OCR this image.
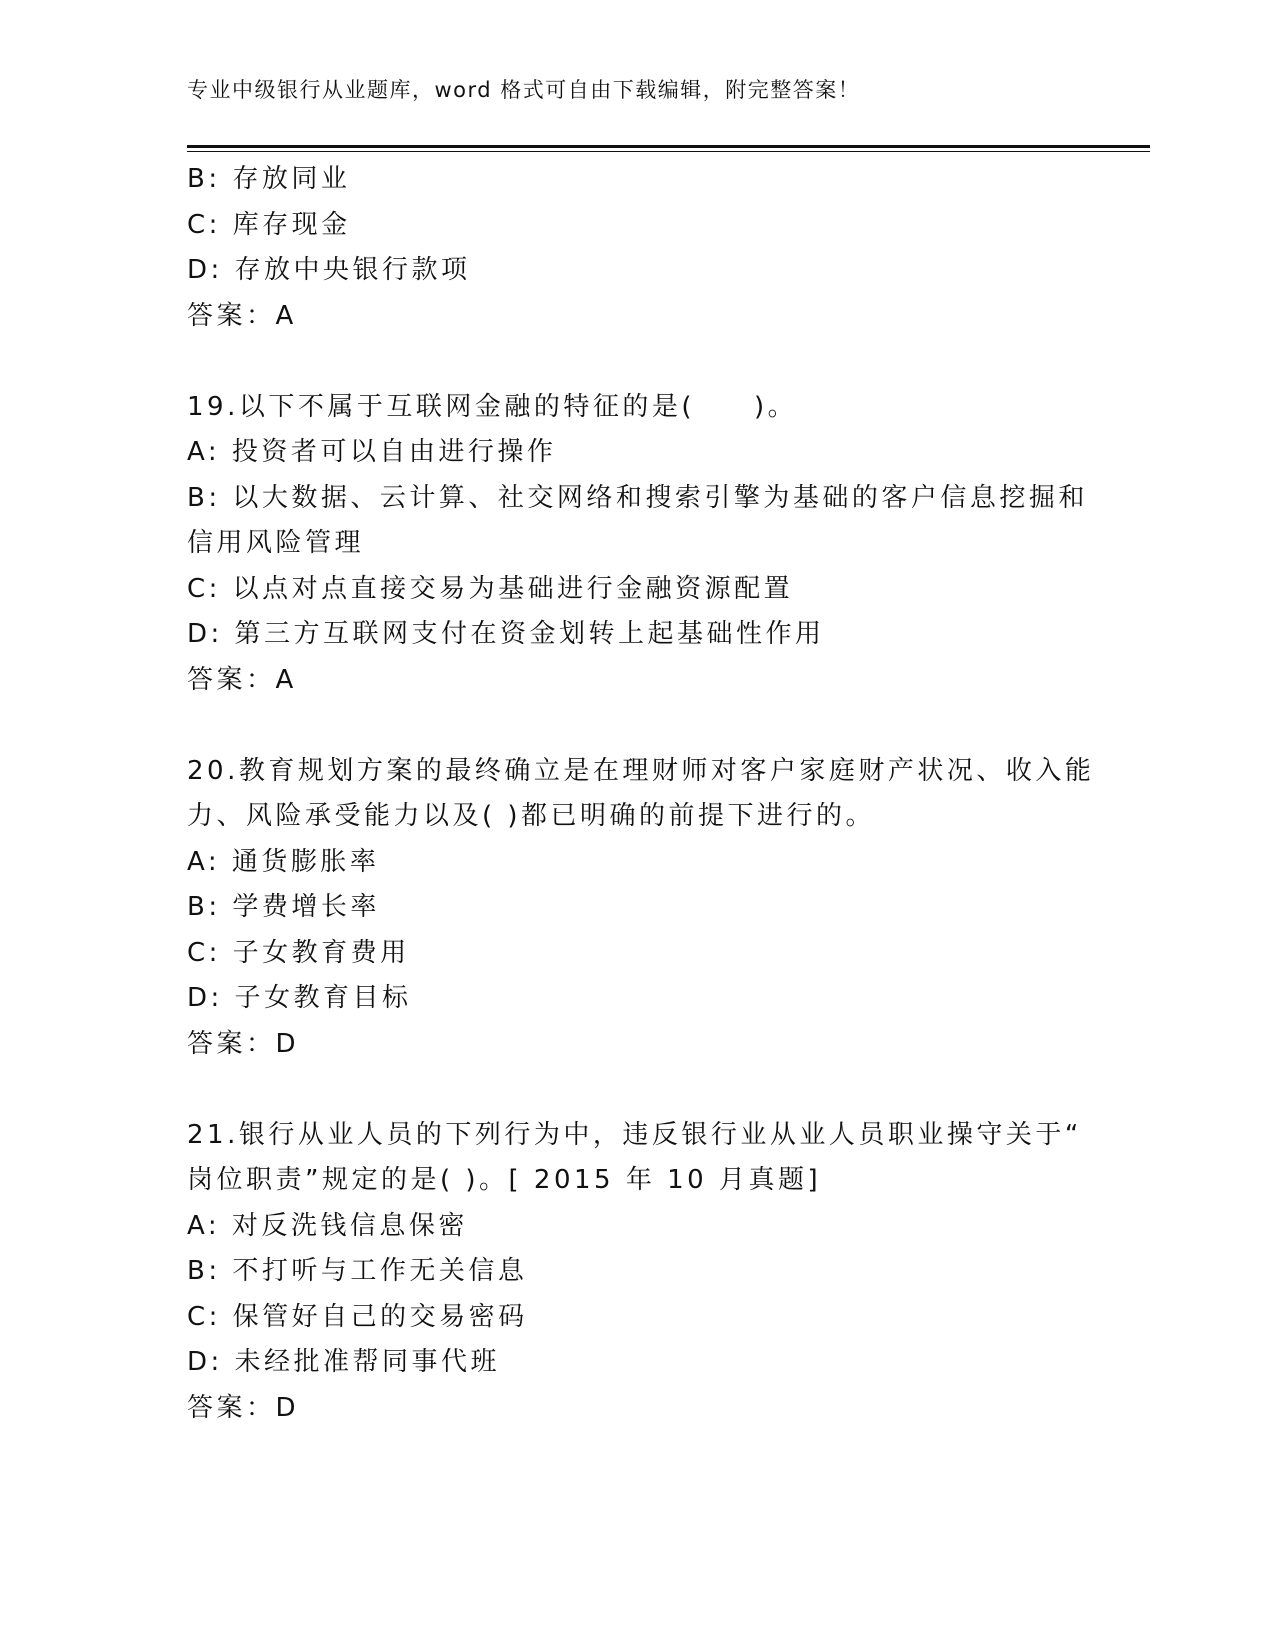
专业中级银行从业题库，word 格式可自由下载编辑，附完整答案！
B: 存放同业
C: 库存现金
D: 存放中央银行款项
答案：A
19.以下不属于互联网金融的特征的是(　　)。
A: 投资者可以自由进行操作
B: 以大数据、云计算、社交网络和搜索引擎为基础的客户信息挖掘和
信用风险管理
C: 以点对点直接交易为基础进行金融资源配置
D: 第三方互联网支付在资金划转上起基础性作用
答案：A
20.教育规划方案的最终确立是在理财师对客户家庭财产状况、收入能
力、风险承受能力以及( )都已明确的前提下进行的。
A: 通货膨胀率
B: 学费增长率
C: 子女教育费用
D: 子女教育目标
答案：D
21.银行从业人员的下列行为中，违反银行业从业人员职业操守关于“
岗位职责”规定的是( )。[ 2015 年 10 月真题]
A: 对反洗钱信息保密
B: 不打听与工作无关信息
C: 保管好自己的交易密码
D: 未经批准帮同事代班
答案：D
